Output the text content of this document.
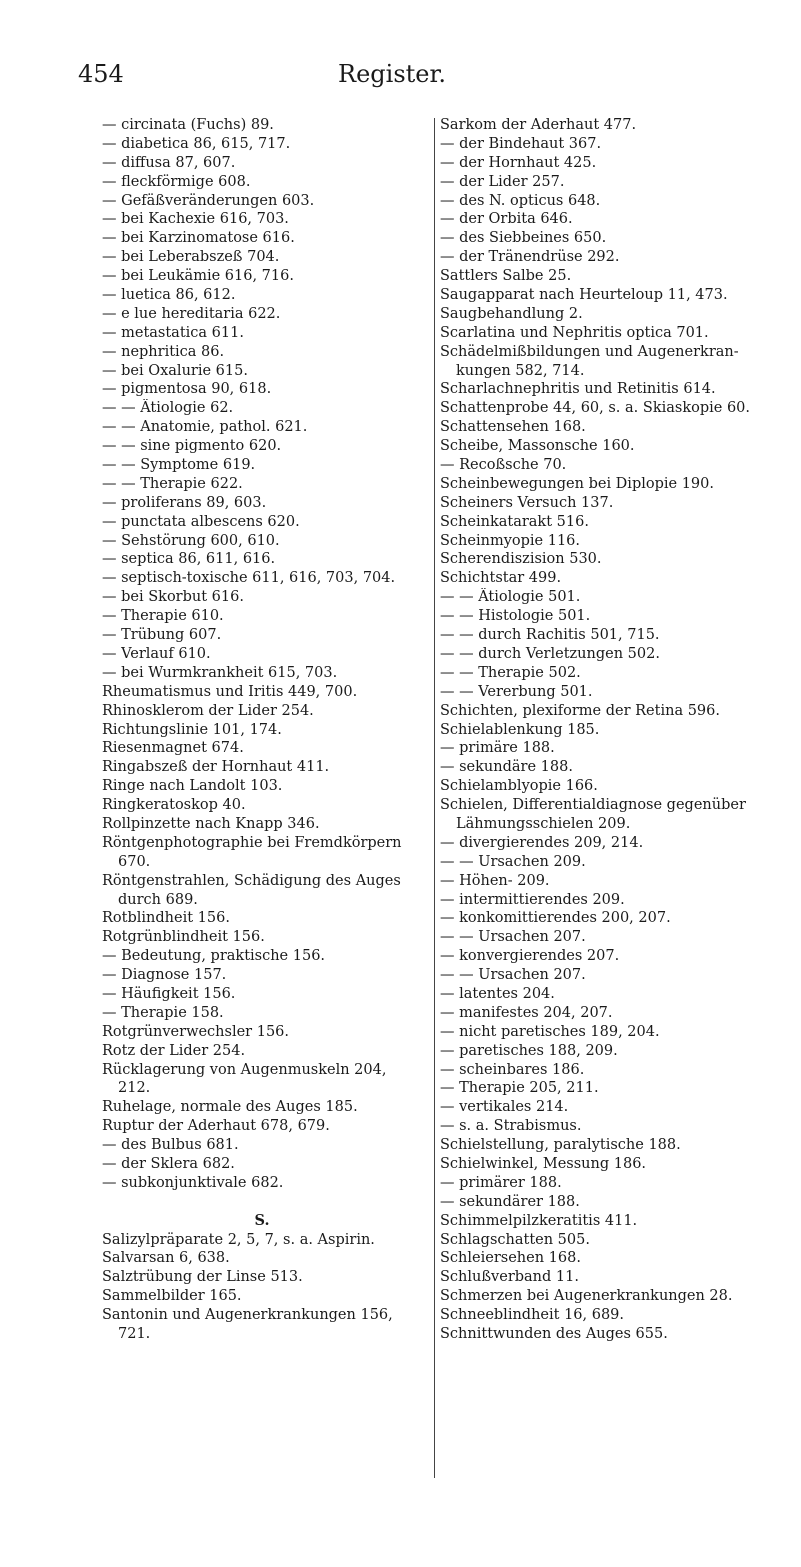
454	Register.
— circinata (Fuchs) 89.
— diabetica 86, 615, 717.
— diffusa 87, 607.
— fleckförmige 608.
— Gefäßveränderungen 603.
— bei Kachexie 616, 703.
— bei Karzinomatose 616.
— bei Leberabszeß 704.
— bei Leukämie 616, 716.
— luetica 86, 612.
— e lue hereditaria 622.
— metastatica 611.
— nephritica 86.
— bei Oxalurie 615.
— pigmentosa 90, 618.
— — Ätiologie 62.
— — Anatomie, pathol. 621.
— — sine pigmento 620.
— — Symptome 619.
— — Therapie 622.
— proliferans 89, 603.
— punctata albescens 620.
— Sehstörung 600, 610.
— septica 86, 611, 616.
— septisch-toxische 611, 616, 703, 704.
— bei Skorbut 616.
— Therapie 610.
— Trübung 607.
— Verlauf 610.
— bei Wurmkrankheit 615, 703.
Rheumatismus und Iritis 449, 700.
Rhinosklerom der Lider 254.
Richtungslinie 101, 174.
Riesenmagnet 674.
Ringabszeß der Hornhaut 411.
Ringe nach Landolt 103.
Ringkeratoskop 40.
Rollpinzette nach Knapp 346.
Röntgenphotographie bei Fremdkörpern
670.
Röntgenstrahlen, Schädigung des Auges
durch 689.
Rotblindheit 156.
Rotgrünblindheit 156.
— Bedeutung, praktische 156.
— Diagnose 157.
— Häufigkeit 156.
— Therapie 158.
Rotgrünverwechsler 156.
Rotz der Lider 254.
Rücklagerung von Augenmuskeln 204,
212.
Ruhelage, normale des Auges 185.
Ruptur der Aderhaut 678, 679.
— des Bulbus 681.
— der Sklera 682.
— subkonjunktivale 682.
S.
Salizylpräparate 2, 5, 7, s. a. Aspirin.
Salvarsan 6, 638.
Salztrübung der Linse 513.
Sammelbilder 165.
Santonin und Augenerkrankungen 156,
721.
Sarkom der Aderhaut 477.
— der Bindehaut 367.
— der Hornhaut 425.
— der Lider 257.
— des N. opticus 648.
— der Orbita 646.
— des Siebbeines 650.
— der Tränendrüse 292.
Sattlers Salbe 25.
Saugapparat nach Heurteloup 11, 473.
Saugbehandlung 2.
Scarlatina und Nephritis optica 701.
Schädelmißbildungen und Augenerkran-
kungen 582, 714.
Scharlachnephritis und Retinitis 614.
Schattenprobe 44, 60, s. a. Skiaskopie 60.
Schattensehen 168.
Scheibe, Massonsche 160.
— Recoßsche 70.
Scheinbewegungen bei Diplopie 190.
Scheiners Versuch 137.
Scheinkatarakt 516.
Scheinmyopie 116.
Scherendiszision 530.
Schichtstar 499.
— — Ätiologie 501.
— — Histologie 501.
— — durch Rachitis 501, 715.
— — durch Verletzungen 502.
— — Therapie 502.
— — Vererbung 501.
Schichten, plexiforme der Retina 596.
Schielablenkung 185.
— primäre 188.
— sekundäre 188.
Schielamblyopie 166.
Schielen, Differentialdiagnose gegenüber
Lähmungsschielen 209.
— divergierendes 209, 214.
— — Ursachen 209.
— Höhen- 209.
— intermittierendes 209.
— konkomittierendes 200, 207.
— — Ursachen 207.
— konvergierendes 207.
— — Ursachen 207.
— latentes 204.
— manifestes 204, 207.
— nicht paretisches 189, 204.
— paretisches 188, 209.
— scheinbares 186.
— Therapie 205, 211.
— vertikales 214.
— s. a. Strabismus.
Schielstellung, paralytische 188.
Schielwinkel, Messung 186.
— primärer 188.
— sekundärer 188.
Schimmelpilzkeratitis 411.
Schlagschatten 505.
Schleiersehen 168.
Schlußverband 11.
Schmerzen bei Augenerkrankungen 28.
Schneeblindheit 16, 689.
Schnittwunden des Auges 655.
